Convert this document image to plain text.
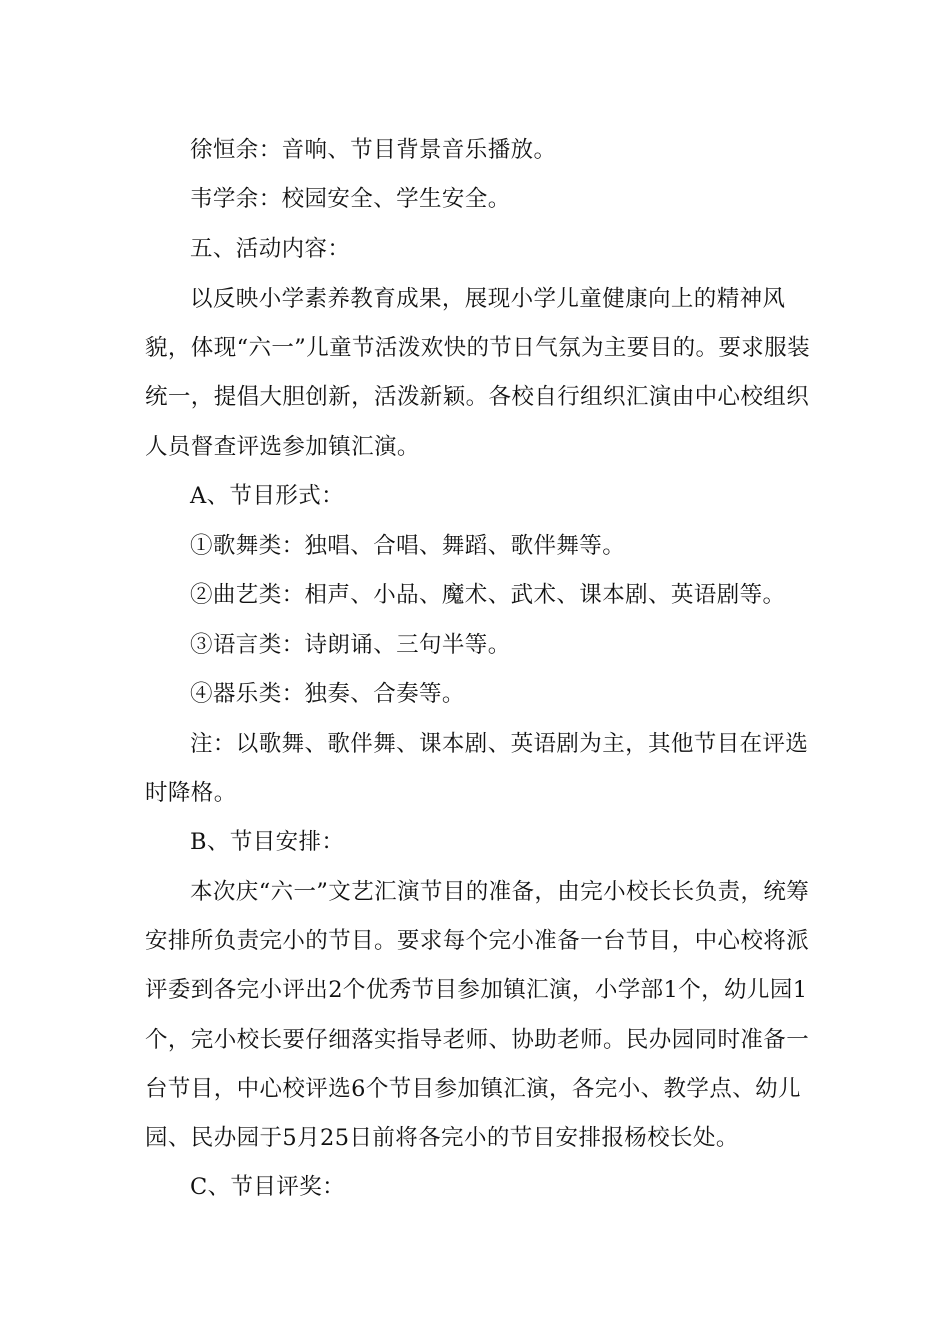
徐恒余：音响、节目背景音乐播放。

韦学余：校园安全、学生安全。

五、活动内容：

以反映小学素养教育成果，展现小学儿童健康向上的精神风貌，体现“六一”儿童节活泼欢快的节日气氛为主要目的。要求服装统一，提倡大胆创新，活泼新颖。各校自行组织汇演由中心校组织人员督查评选参加镇汇演。

A、节目形式：

①歌舞类：独唱、合唱、舞蹈、歌伴舞等。

②曲艺类：相声、小品、魔术、武术、课本剧、英语剧等。

③语言类：诗朗诵、三句半等。

④器乐类：独奏、合奏等。

注：以歌舞、歌伴舞、课本剧、英语剧为主，其他节目在评选时降格。

B、节目安排：

本次庆“六一”文艺汇演节目的准备，由完小校长长负责，统筹安排所负责完小的节目。要求每个完小准备一台节目，中心校将派评委到各完小评出2个优秀节目参加镇汇演，小学部1个，幼儿园1个，完小校长要仔细落实指导老师、协助老师。民办园同时准备一台节目，中心校评选6个节目参加镇汇演，各完小、教学点、幼儿园、民办园于5月25日前将各完小的节目安排报杨校长处。

C、节目评奖：
